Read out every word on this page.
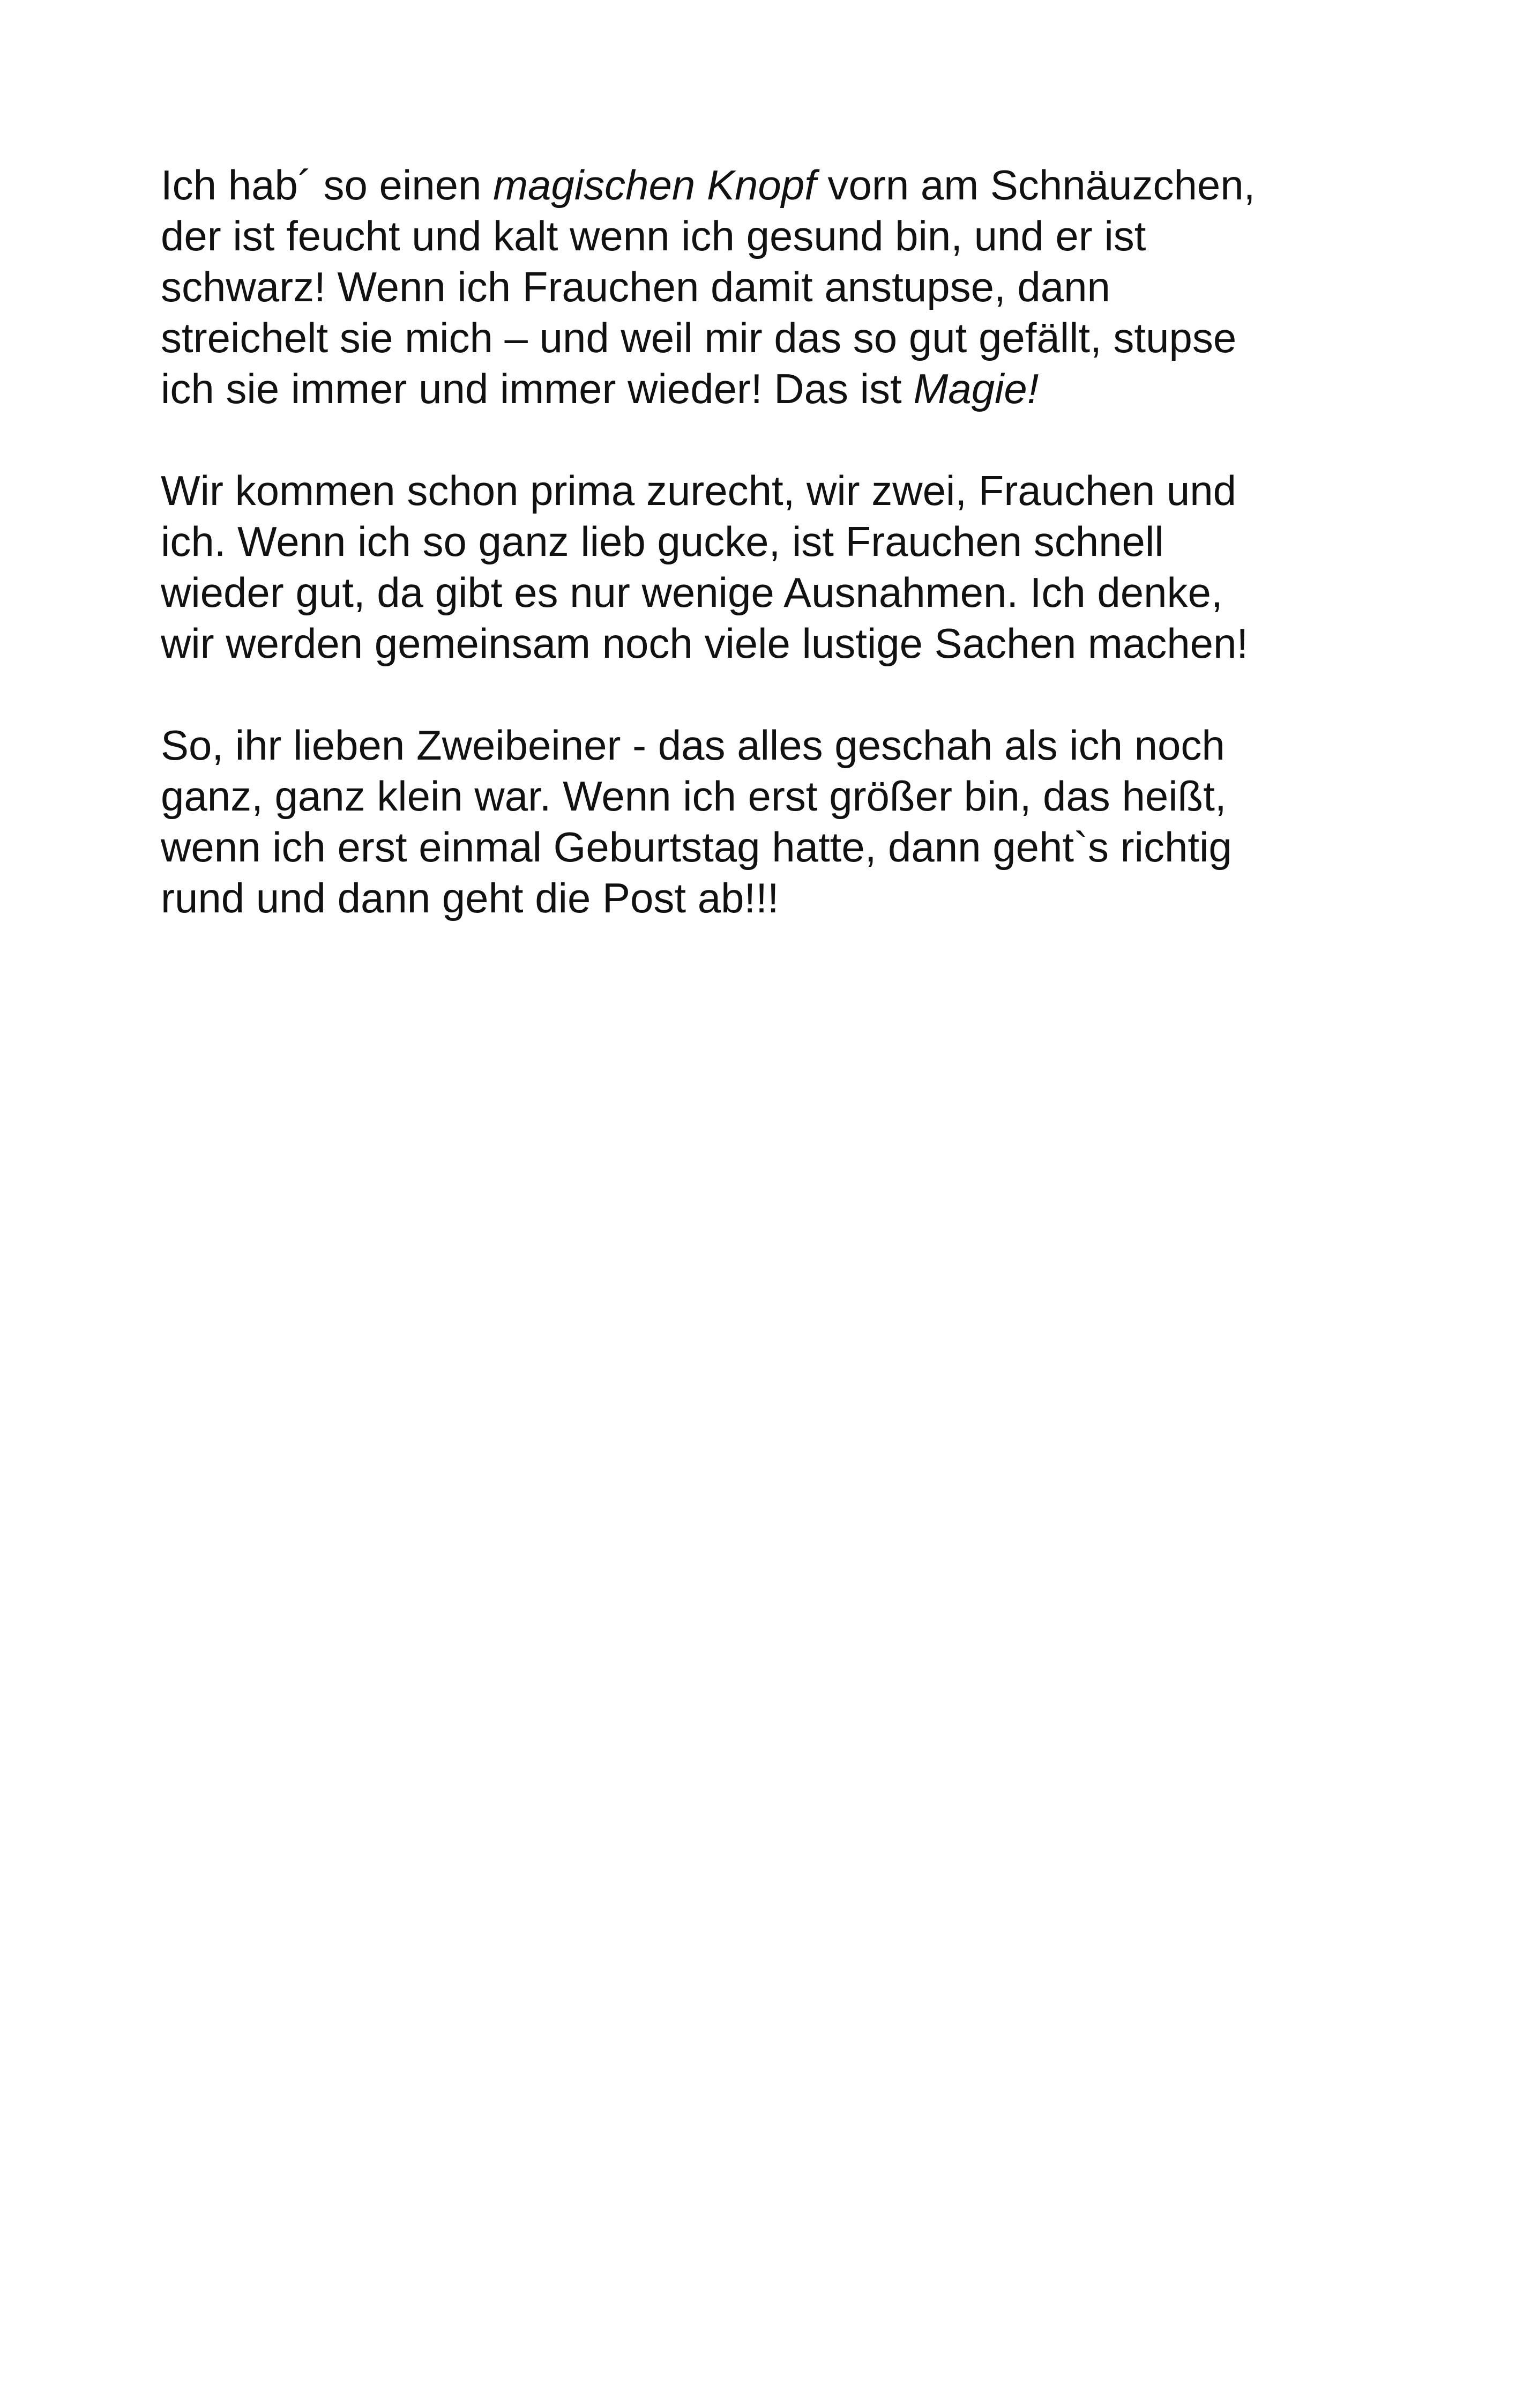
Ich hab´ so einen magischen Knopf vorn am Schnäuzchen,
der ist feucht und kalt wenn ich gesund bin, und er ist
schwarz! Wenn ich Frauchen damit anstupse, dann
streichelt sie mich – und weil mir das so gut gefällt, stupse
ich sie immer und immer wieder! Das ist Magie!

Wir kommen schon prima zurecht, wir zwei, Frauchen und
ich. Wenn ich so ganz lieb gucke, ist Frauchen schnell
wieder gut, da gibt es nur wenige Ausnahmen. Ich denke,
wir werden gemeinsam noch viele lustige Sachen machen!

So, ihr lieben Zweibeiner - das alles geschah als ich noch
ganz, ganz klein war. Wenn ich erst größer bin, das heißt,
wenn ich erst einmal Geburtstag hatte, dann geht`s richtig
rund und dann geht die Post ab!!!
